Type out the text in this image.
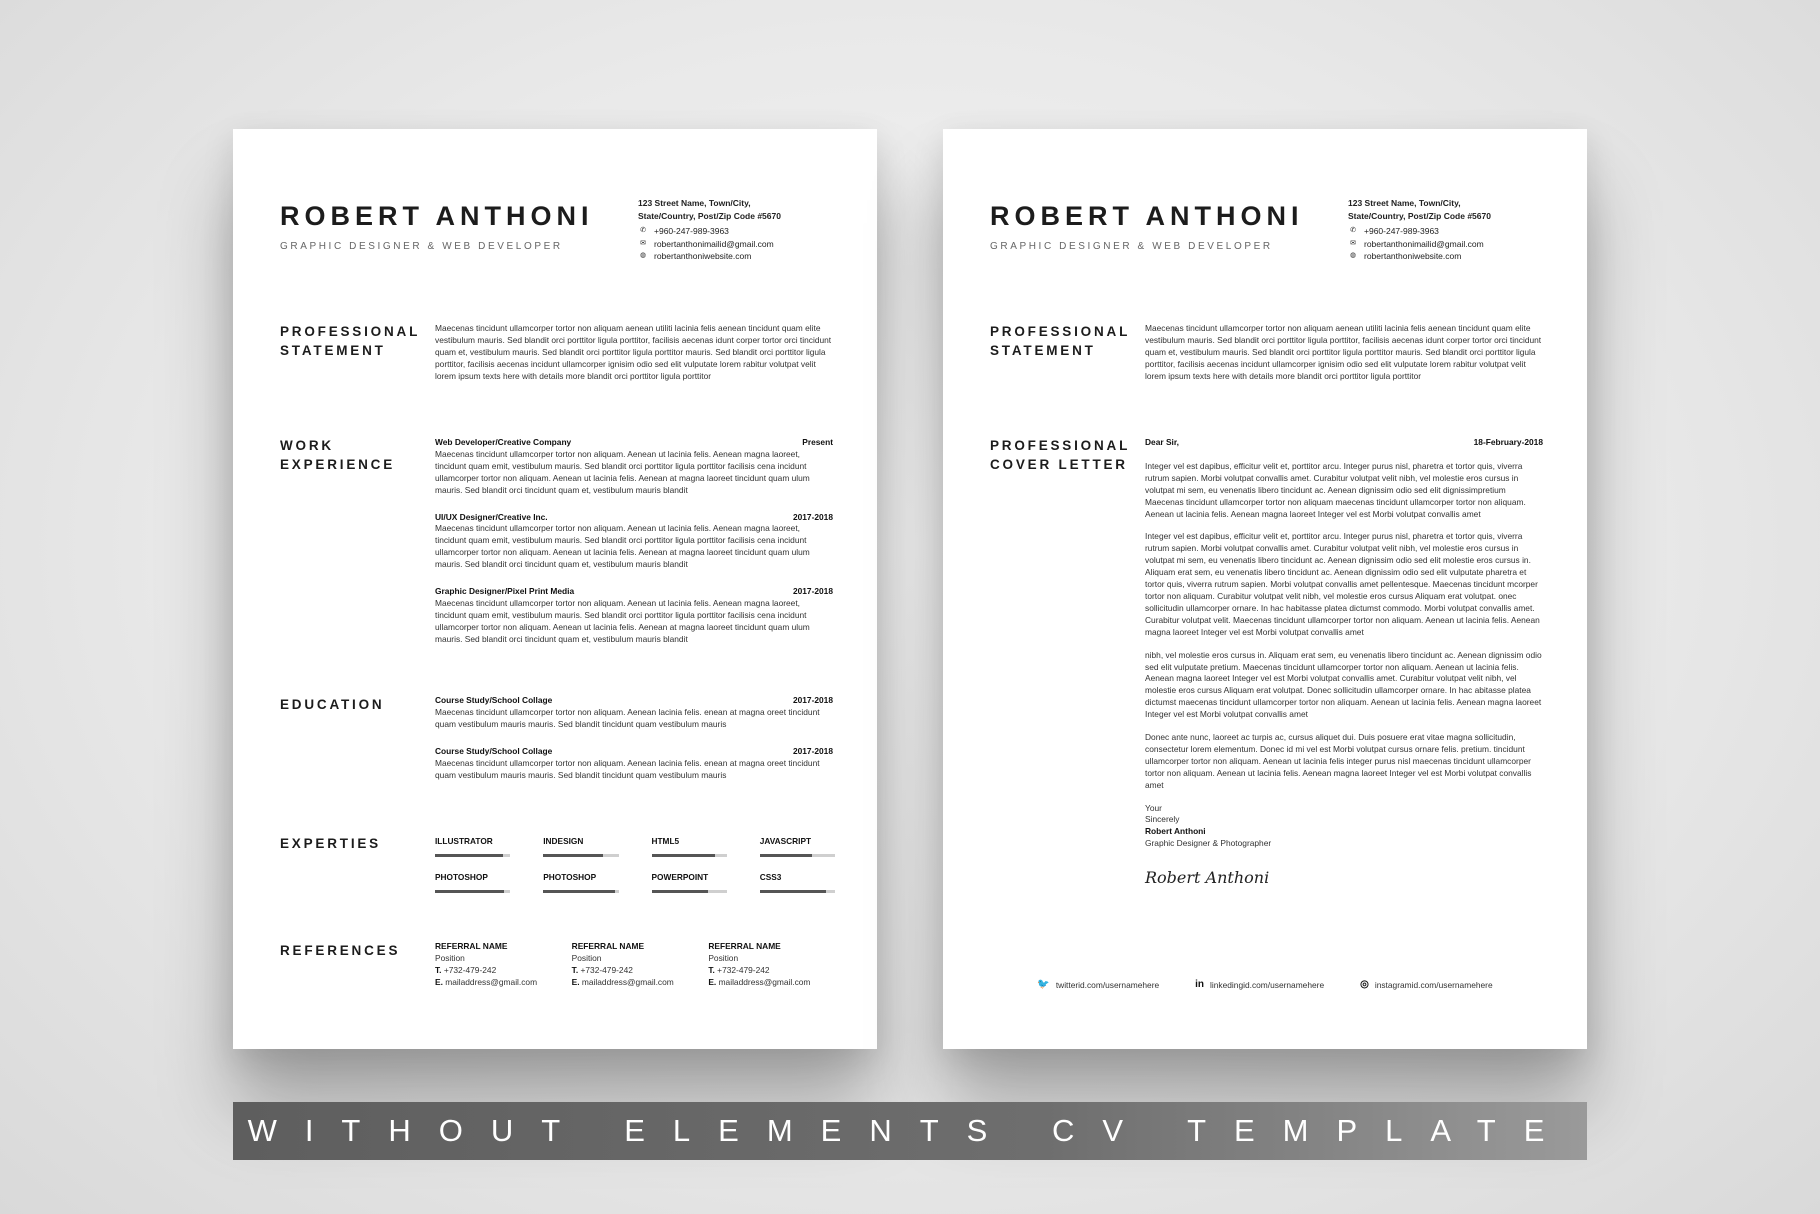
ROBERT ANTHONI
GRAPHIC DESIGNER & WEB DEVELOPER
123 Street Name, Town/City,
State/Country, Post/Zip Code #5670
✆ +960-247-989-3963
✉ robertanthonimailid@gmail.com
◍ robertanthoniwebsite.com
PROFESSIONAL
STATEMENT
Maecenas tincidunt ullamcorper tortor non aliquam aenean utiliti lacinia felis aenean tincidunt quam elite vestibulum mauris. Sed blandit orci porttitor ligula porttitor, facilisis aecenas idunt corper tortor orci tincidunt quam et, vestibulum mauris. Sed blandit orci porttitor ligula porttitor mauris. Sed blandit orci porttitor ligula porttitor, facilisis aecenas incidunt ullamcorper ignisim odio sed elit vulputate lorem rabitur volutpat velit lorem ipsum texts here with details more blandit orci porttitor ligula porttitor
WORK
EXPERIENCE
Web Developer/Creative Company	Present
Maecenas tincidunt ullamcorper tortor non aliquam. Aenean ut lacinia felis. Aenean magna laoreet, tincidunt quam emit, vestibulum mauris. Sed blandit orci porttitor ligula porttitor facilisis cena incidunt ullamcorper tortor non aliquam. Aenean ut lacinia felis. Aenean at magna laoreet tincidunt quam ulum mauris. Sed blandit orci tincidunt quam et, vestibulum mauris blandit
UI/UX Designer/Creative Inc.	2017-2018
Maecenas tincidunt ullamcorper tortor non aliquam. Aenean ut lacinia felis. Aenean magna laoreet, tincidunt quam emit, vestibulum mauris. Sed blandit orci porttitor ligula porttitor facilisis cena incidunt ullamcorper tortor non aliquam. Aenean ut lacinia felis. Aenean at magna laoreet tincidunt quam ulum mauris. Sed blandit orci tincidunt quam et, vestibulum mauris blandit
Graphic Designer/Pixel Print Media	2017-2018
Maecenas tincidunt ullamcorper tortor non aliquam. Aenean ut lacinia felis. Aenean magna laoreet, tincidunt quam emit, vestibulum mauris. Sed blandit orci porttitor ligula porttitor facilisis cena incidunt ullamcorper tortor non aliquam. Aenean ut lacinia felis. Aenean at magna laoreet tincidunt quam ulum mauris. Sed blandit orci tincidunt quam et, vestibulum mauris blandit
EDUCATION	Course Study/School Collage	2017-2018
Maecenas tincidunt ullamcorper tortor non aliquam. Aenean lacinia felis. enean at magna oreet tincidunt quam vestibulum mauris mauris. Sed blandit tincidunt quam vestibulum mauris
Course Study/School Collage	2017-2018
Maecenas tincidunt ullamcorper tortor non aliquam. Aenean lacinia felis. enean at magna oreet tincidunt quam vestibulum mauris mauris. Sed blandit tincidunt quam vestibulum mauris
EXPERTIES	ILLUSTRATOR	INDESIGN	HTML5	JAVASCRIPT
PHOTOSHOP	PHOTOSHOP	POWERPOINT	CSS3
REFERENCES	REFERRAL NAME
Position
T. +732-479-242
E. mailaddress@gmail.com
REFERRAL NAME
Position
T. +732-479-242
E. mailaddress@gmail.com
REFERRAL NAME
Position
T. +732-479-242
E. mailaddress@gmail.com
ROBERT ANTHONI
GRAPHIC DESIGNER & WEB DEVELOPER
123 Street Name, Town/City,
State/Country, Post/Zip Code #5670
✆ +960-247-989-3963
✉ robertanthonimailid@gmail.com
◍ robertanthoniwebsite.com
PROFESSIONAL
STATEMENT
Maecenas tincidunt ullamcorper tortor non aliquam aenean utiliti lacinia felis aenean tincidunt quam elite vestibulum mauris. Sed blandit orci porttitor ligula porttitor, facilisis aecenas idunt corper tortor orci tincidunt quam et, vestibulum mauris. Sed blandit orci porttitor ligula porttitor mauris. Sed blandit orci porttitor ligula porttitor, facilisis aecenas incidunt ullamcorper ignisim odio sed elit vulputate lorem rabitur volutpat velit lorem ipsum texts here with details more blandit orci porttitor ligula porttitor
PROFESSIONAL
COVER LETTER
Dear Sir,	18-February-2018
Integer vel est dapibus, efficitur velit et, porttitor arcu. Integer purus nisl, pharetra et tortor quis, viverra rutrum sapien. Morbi volutpat convallis amet. Curabitur volutpat velit nibh, vel molestie eros cursus in volutpat mi sem, eu venenatis libero tincidunt ac. Aenean dignissim odio sed elit dignissimpretium Maecenas tincidunt ullamcorper tortor non aliquam maecenas tincidunt ullamcorper tortor non aliquam. Aenean ut lacinia felis. Aenean magna laoreet Integer vel est Morbi volutpat convallis amet
Integer vel est dapibus, efficitur velit et, porttitor arcu. Integer purus nisl, pharetra et tortor quis, viverra rutrum sapien. Morbi volutpat convallis amet. Curabitur volutpat velit nibh, vel molestie eros cursus in volutpat mi sem, eu venenatis libero tincidunt ac. Aenean dignissim odio sed elit molestie eros cursus in. Aliquam erat sem, eu venenatis libero tincidunt ac. Aenean dignissim odio sed elit vulputate pharetra et tortor quis, viverra rutrum sapien. Morbi volutpat convallis amet pellentesque. Maecenas tincidunt mcorper tortor non aliquam. Curabitur volutpat velit nibh, vel molestie eros cursus Aliquam erat volutpat. onec sollicitudin ullamcorper ornare. In hac habitasse platea dictumst commodo. Morbi volutpat convallis amet. Curabitur volutpat velit. Maecenas tincidunt ullamcorper tortor non aliquam. Aenean ut lacinia felis. Aenean magna laoreet Integer vel est Morbi volutpat convallis amet
nibh, vel molestie eros cursus in. Aliquam erat sem, eu venenatis libero tincidunt ac. Aenean dignissim odio sed elit vulputate pretium. Maecenas tincidunt ullamcorper tortor non aliquam. Aenean ut lacinia felis. Aenean magna laoreet Integer vel est Morbi volutpat convallis amet. Curabitur volutpat velit nibh, vel molestie eros cursus Aliquam erat volutpat. Donec sollicitudin ullamcorper ornare. In hac abitasse platea dictumst maecenas tincidunt ullamcorper tortor non aliquam. Aenean ut lacinia felis. Aenean magna laoreet Integer vel est Morbi volutpat convallis amet
Donec ante nunc, laoreet ac turpis ac, cursus aliquet dui. Duis posuere erat vitae magna sollicitudin, consectetur lorem elementum. Donec id mi vel est Morbi volutpat cursus ornare felis. pretium. tincidunt ullamcorper tortor non aliquam. Aenean ut lacinia felis integer purus nisl maecenas tincidunt ullamcorper tortor non aliquam. Aenean ut lacinia felis. Aenean magna laoreet Integer vel est Morbi volutpat convallis amet
Your
Sincerely
Robert Anthoni
Graphic Designer & Photographer
Robert Anthoni
🐦 twitterid.com/usernamehere	in linkedingid.com/usernamehere	◎ instagramid.com/usernamehere
WITHOUT ELEMENTS CV TEMPLATE
